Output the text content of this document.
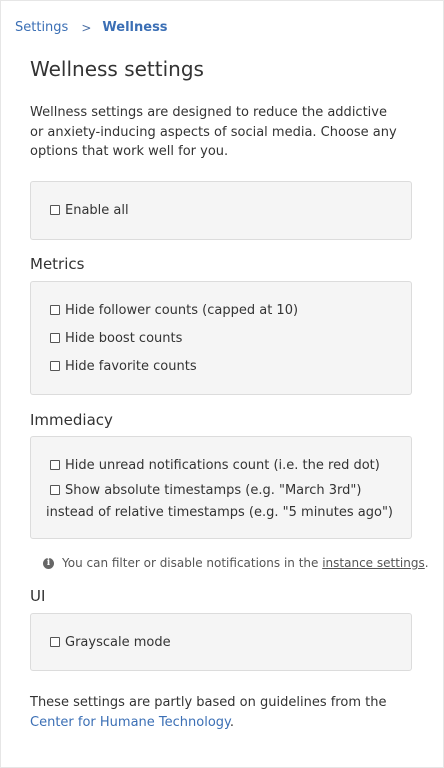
Settings > Wellness
Wellness settings

Wellness settings are designed to reduce the addictive or anxiety-inducing aspects of social media. Choose any options that work well for you.

Enable all
Metrics
Hide follower counts (capped at 10)
Hide boost counts
Hide favorite counts
Immediacy
Hide unread notifications count (i.e. the red dot)
Show absolute timestamps (e.g. "March 3rd") instead of relative timestamps (e.g. "5 minutes ago")
i You can filter or disable notifications in the
instance settings .
UI
Grayscale mode

These settings are partly based on guidelines from the Center for Humane Technology.
